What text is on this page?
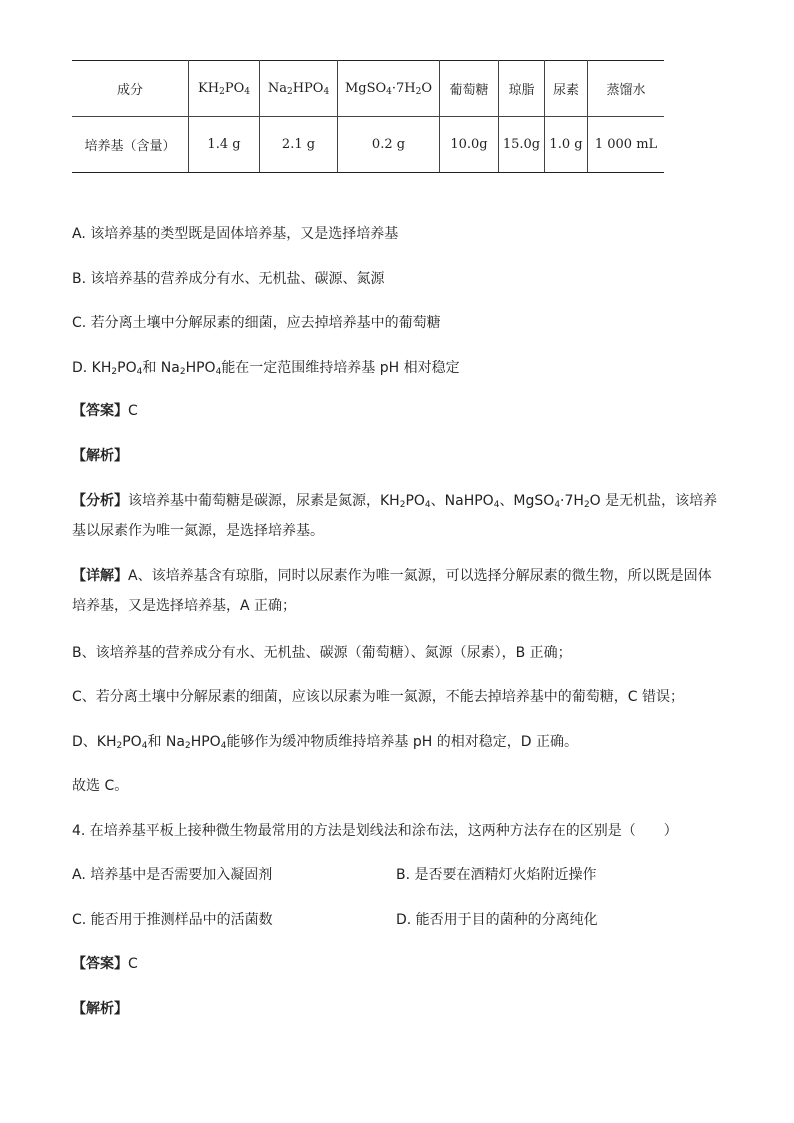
成分	$KH_2PO_4$	$Na_2HPO_4$	$MgSO_4\cdot 7H_2O$	葡萄糖	琼脂	尿素	蒸馏水
培养基（含量）	1.4 g	2.1 g	0.2 g	10.0g	15.0g	1.0 g	1 000 mL
A. 该培养基的类型既是固体培养基，又是选择培养基
B. 该培养基的营养成分有水、无机盐、碳源、氮源
C. 若分离土壤中分解尿素的细菌，应去掉培养基中的葡萄糖
D. $KH_2PO_4$和 $Na_2HPO_4$能在一定范围维持培养基 pH 相对稳定
【答案】C
【解析】
【分析】该培养基中葡萄糖是碳源，尿素是氮源，$KH_2PO_4$、NaHPO$_4$、$MgSO_4\cdot 7H_2O$ 是无机盐，该培养基以尿素作为唯一氮源，是选择培养基。
【详解】A、该培养基含有琼脂，同时以尿素作为唯一氮源，可以选择分解尿素的微生物，所以既是固体培养基，又是选择培养基，A 正确；
B、该培养基的营养成分有水、无机盐、碳源（葡萄糖）、氮源（尿素），B 正确；
C、若分离土壤中分解尿素的细菌，应该以尿素为唯一氮源，不能去掉培养基中的葡萄糖，C 错误；
D、$KH_2PO_4$和 $Na_2HPO_4$能够作为缓冲物质维持培养基 pH 的相对稳定，D 正确。
故选 C。
4. 在培养基平板上接种微生物最常用的方法是划线法和涂布法，这两种方法存在的区别是（　　）
A. 培养基中是否需要加入凝固剂	B. 是否要在酒精灯火焰附近操作
C. 能否用于推测样品中的活菌数	D. 能否用于目的菌种的分离纯化
【答案】C
【解析】
